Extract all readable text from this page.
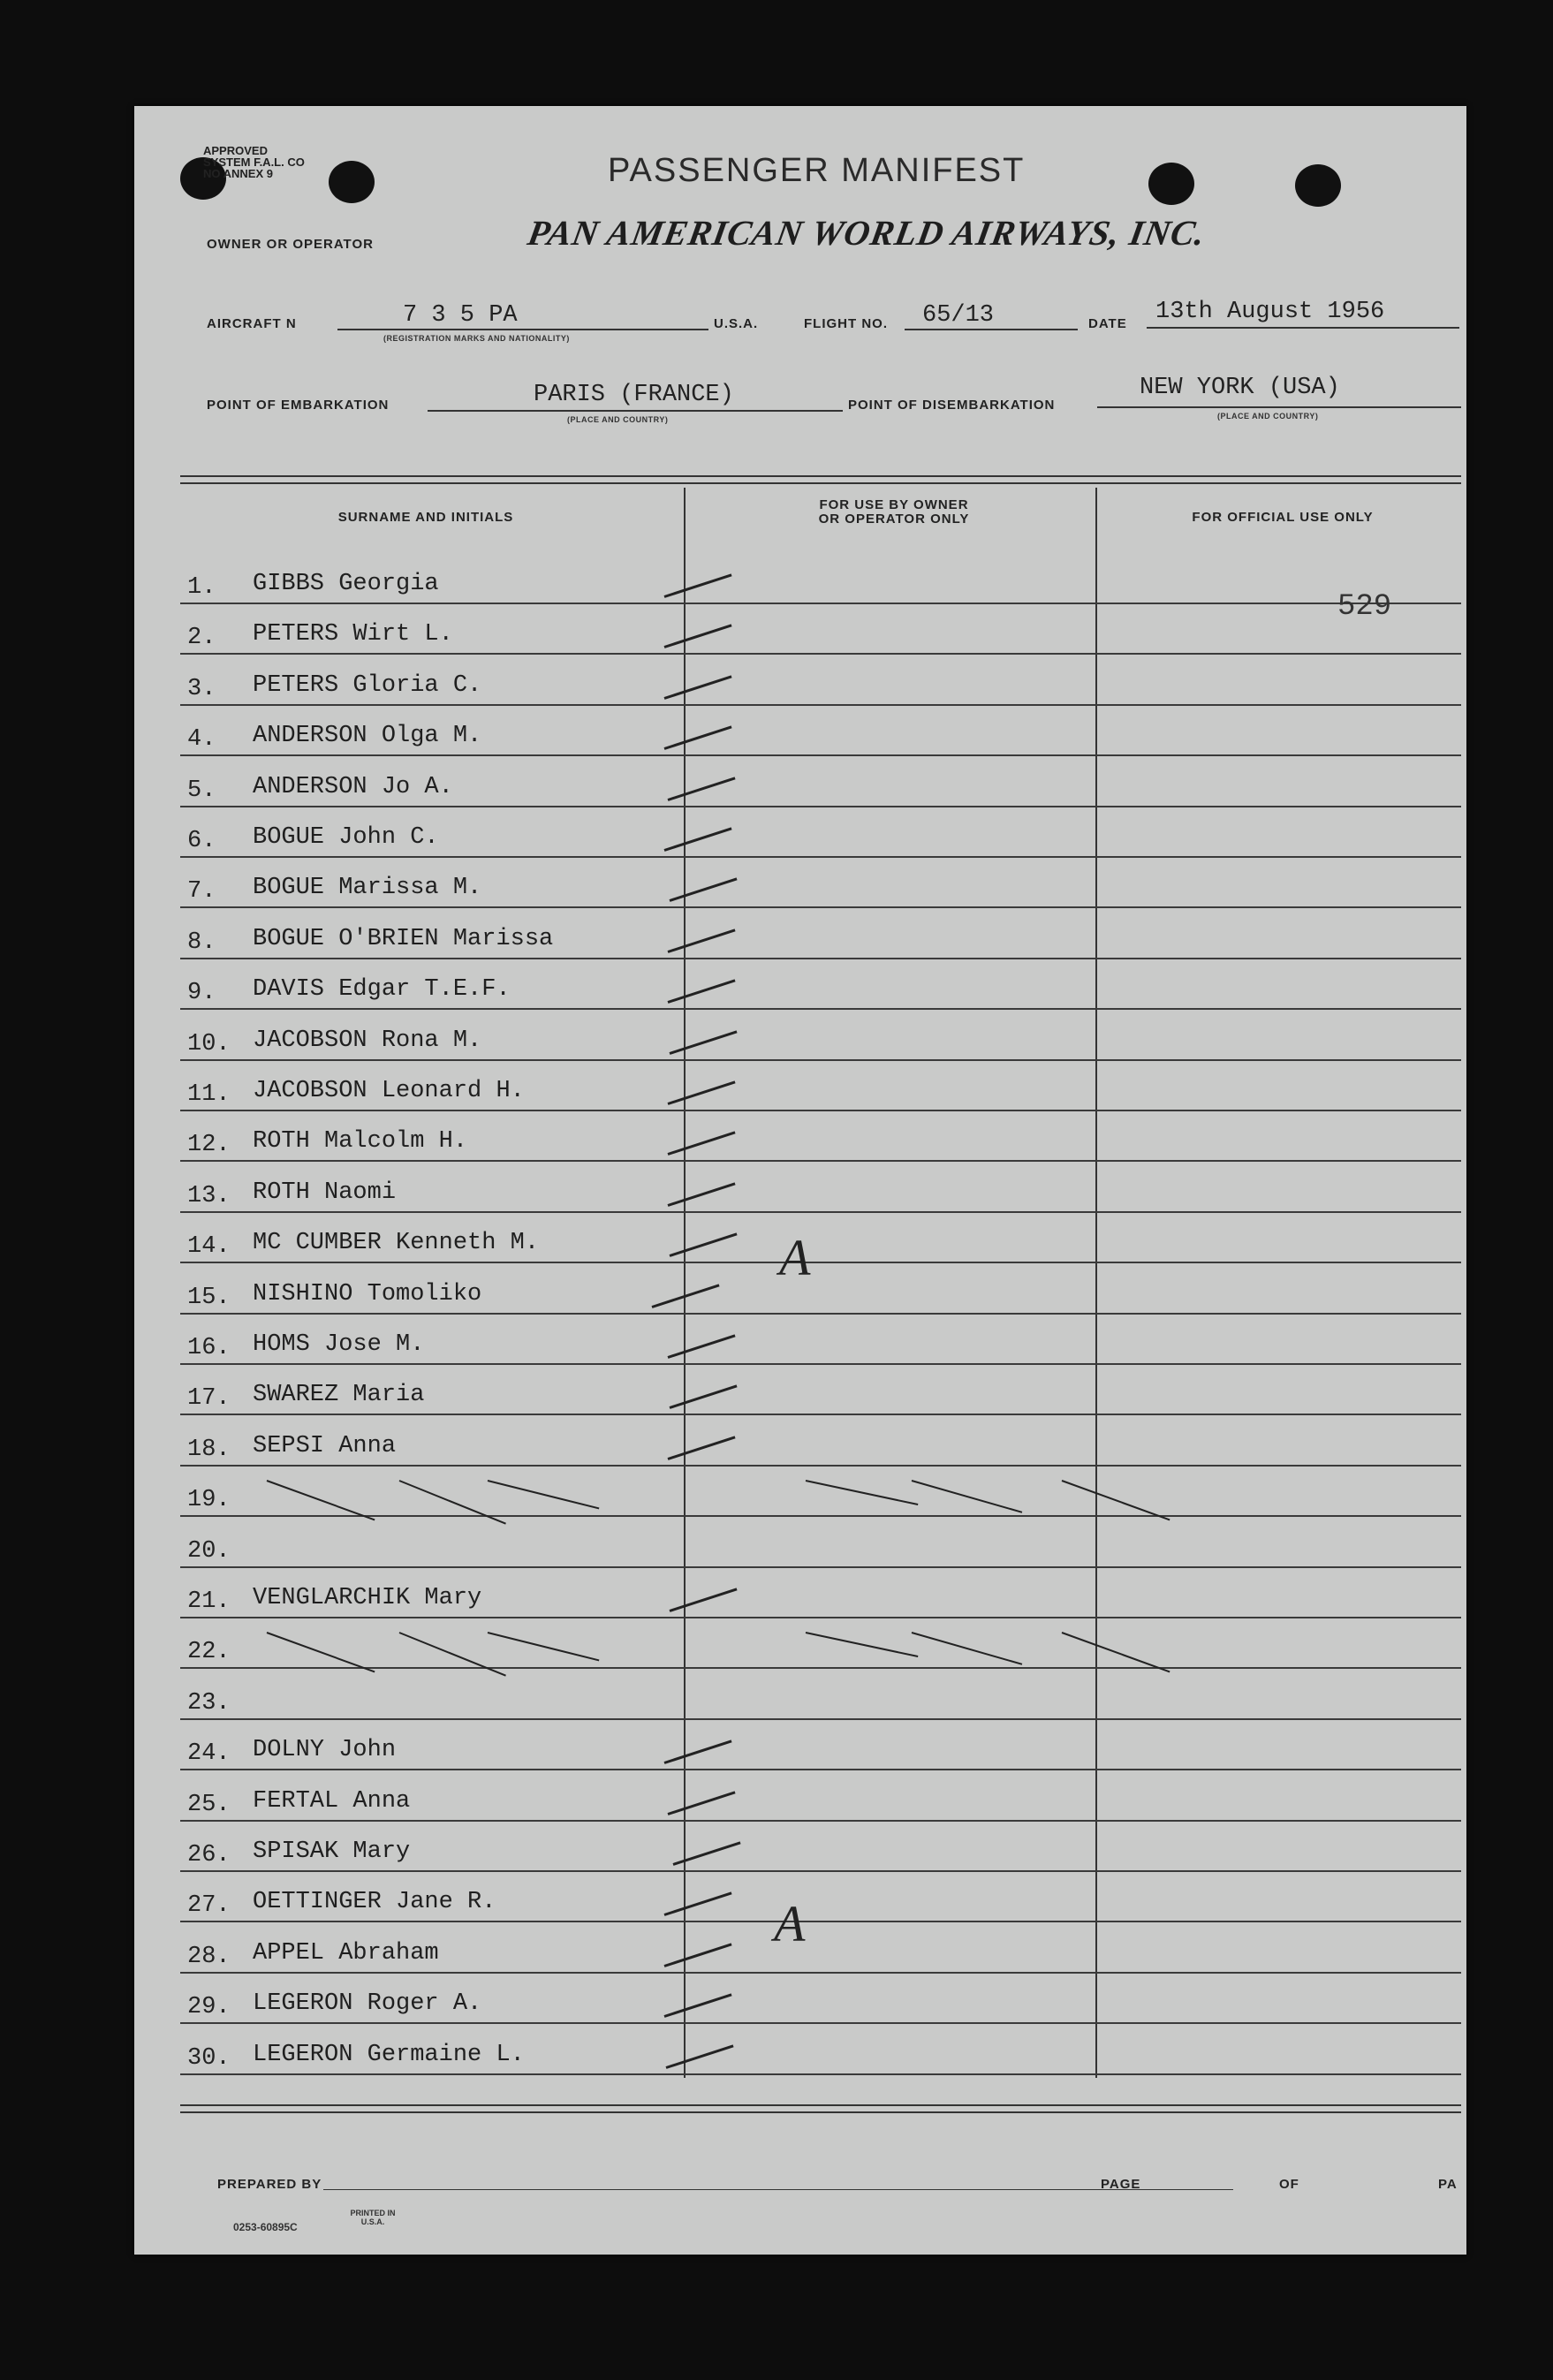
APPROVED
SYSTEM F.A.L. CO
NO ANNEX 9	PASSENGER MANIFEST
OWNER OR OPERATOR	PAN AMERICAN WORLD AIRWAYS, INC.
AIRCRAFT N	7 3 5 PA
(REGISTRATION MARKS AND NATIONALITY)
U.S.A.	FLIGHT NO. 65/13	DATE 13th August 1956
POINT OF EMBARKATION	PARIS (FRANCE)
(PLACE AND COUNTRY)
POINT OF DISEMBARKATION
NEW YORK (USA)
(PLACE AND COUNTRY)
SURNAME AND INITIALS
FOR USE BY OWNER
OR OPERATOR ONLY	FOR OFFICIAL USE ONLY
1.	GIBBS Georgia
2.	PETERS Wirt L.
3.	PETERS Gloria C.
4.	ANDERSON Olga M.
5.	ANDERSON Jo A.
6.	BOGUE John C.
7.	BOGUE Marissa M.
8.	BOGUE O'BRIEN Marissa
9.	DAVIS Edgar T.E.F.
10. JACOBSON Rona M.
11. JACOBSON Leonard H.
12. ROTH Malcolm H.
13. ROTH Naomi
14. MC CUMBER Kenneth M.
15. NISHINO Tomoliko
16. HOMS Jose M.
17. SWAREZ Maria
18. SEPSI Anna
19.
20.
21. VENGLARCHIK Mary
22.
23.
24. DOLNY John
25. FERTAL Anna
26. SPISAK Mary
27. OETTINGER Jane R.
28. APPEL Abraham
29. LEGERON Roger A.
30. LEGERON Germaine L.
529
A
A
PREPARED BY	PAGE	OF	PA
0253-60895C
PRINTED IN U.S.A.
